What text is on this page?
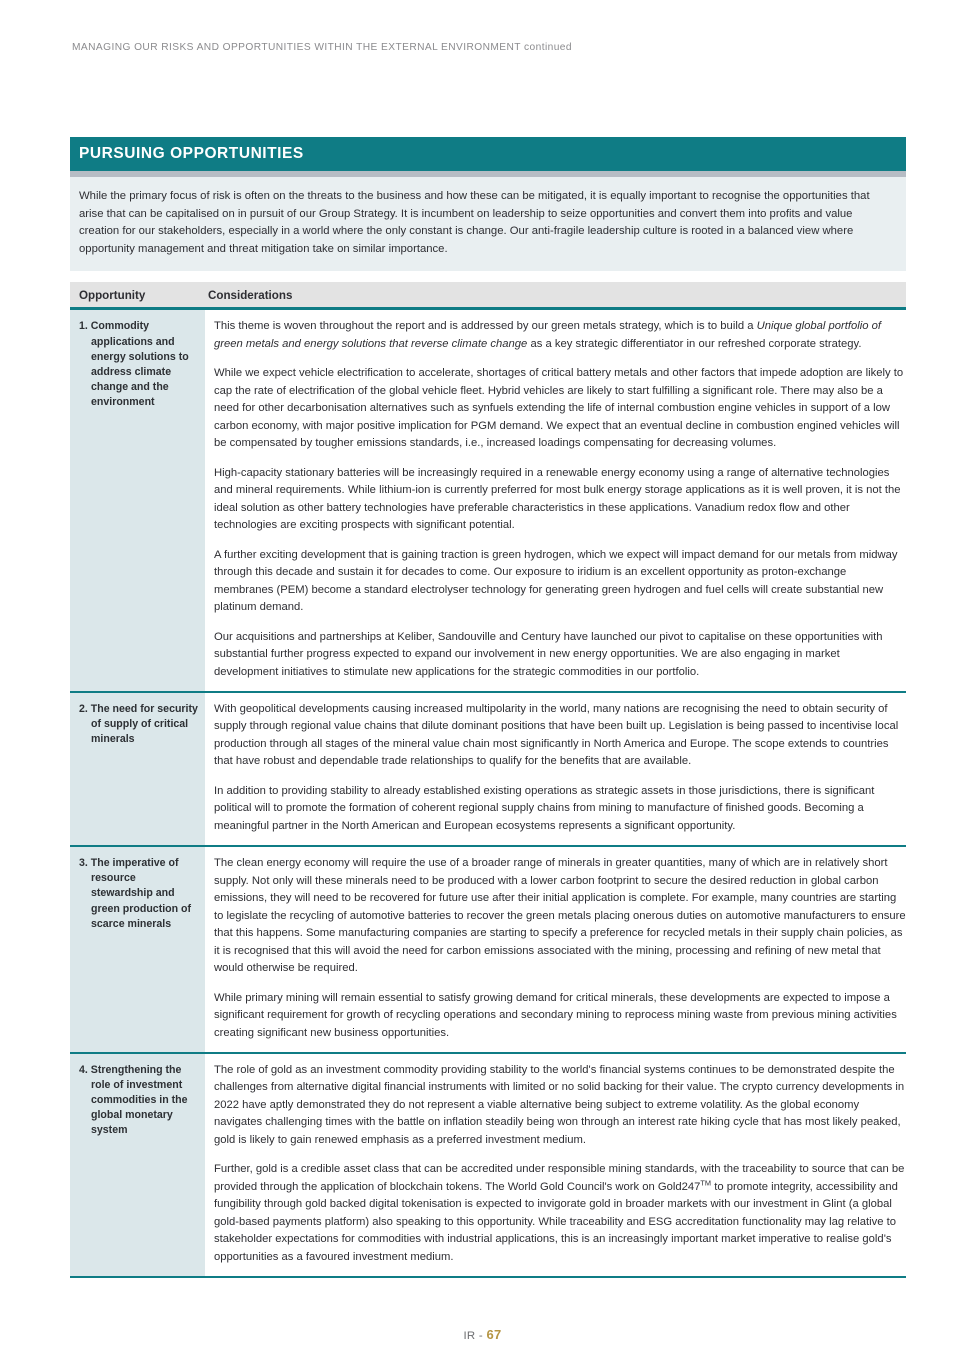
MANAGING OUR RISKS AND OPPORTUNITIES WITHIN THE EXTERNAL ENVIRONMENT continued
PURSUING OPPORTUNITIES

While the primary focus of risk is often on the threats to the business and how these can be mitigated, it is equally important to recognise the opportunities that arise that can be capitalised on in pursuit of our Group Strategy. It is incumbent on leadership to seize opportunities and convert them into profits and value creation for our stakeholders, especially in a world where the only constant is change. Our anti-fragile leadership culture is rooted in a balanced view where opportunity management and threat mitigation take on similar importance.

Opportunity	Considerations
1. Commodity applications and energy solutions to address climate change and the environment

This theme is woven throughout the report and is addressed by our green metals strategy, which is to build a Unique global portfolio of green metals and energy solutions that reverse climate change as a key strategic differentiator in our refreshed corporate strategy.

While we expect vehicle electrification to accelerate, shortages of critical battery metals and other factors that impede adoption are likely to cap the rate of electrification of the global vehicle fleet. Hybrid vehicles are likely to start fulfilling a significant role. There may also be a need for other decarbonisation alternatives such as synfuels extending the life of internal combustion engine vehicles in support of a low carbon economy, with major positive implication for PGM demand. We expect that an eventual decline in combustion engined vehicles will be compensated by tougher emissions standards, i.e., increased loadings compensating for decreasing volumes.

High-capacity stationary batteries will be increasingly required in a renewable energy economy using a range of alternative technologies and mineral requirements. While lithium-ion is currently preferred for most bulk energy storage applications as it is well proven, it is not the ideal solution as other battery technologies have preferable characteristics in these applications. Vanadium redox flow and other technologies are exciting prospects with significant potential.

A further exciting development that is gaining traction is green hydrogen, which we expect will impact demand for our metals from midway through this decade and sustain it for decades to come. Our exposure to iridium is an excellent opportunity as proton-exchange membranes (PEM) become a standard electrolyser technology for generating green hydrogen and fuel cells will create substantial new platinum demand.

Our acquisitions and partnerships at Keliber, Sandouville and Century have launched our pivot to capitalise on these opportunities with substantial further progress expected to expand our involvement in new energy opportunities. We are also engaging in market development initiatives to stimulate new applications for the strategic commodities in our portfolio.

2. The need for security of supply of critical minerals

With geopolitical developments causing increased multipolarity in the world, many nations are recognising the need to obtain security of supply through regional value chains that dilute dominant positions that have been built up. Legislation is being passed to incentivise local production through all stages of the mineral value chain most significantly in North America and Europe. The scope extends to countries that have robust and dependable trade relationships to qualify for the benefits that are available.

In addition to providing stability to already established existing operations as strategic assets in those jurisdictions, there is significant political will to promote the formation of coherent regional supply chains from mining to manufacture of finished goods. Becoming a meaningful partner in the North American and European ecosystems represents a significant opportunity.

3. The imperative of resource stewardship and green production of scarce minerals

The clean energy economy will require the use of a broader range of minerals in greater quantities, many of which are in relatively short supply. Not only will these minerals need to be produced with a lower carbon footprint to secure the desired reduction in global carbon emissions, they will need to be recovered for future use after their initial application is complete. For example, many countries are starting to legislate the recycling of automotive batteries to recover the green metals placing onerous duties on automotive manufacturers to ensure that this happens. Some manufacturing companies are starting to specify a preference for recycled metals in their supply chain policies, as it is recognised that this will avoid the need for carbon emissions associated with the mining, processing and refining of new metal that would otherwise be required.

While primary mining will remain essential to satisfy growing demand for critical minerals, these developments are expected to impose a significant requirement for growth of recycling operations and secondary mining to reprocess mining waste from previous mining activities creating significant new business opportunities.

4. Strengthening the role of investment commodities in the global monetary system

The role of gold as an investment commodity providing stability to the world's financial systems continues to be demonstrated despite the challenges from alternative digital financial instruments with limited or no solid backing for their value. The crypto currency developments in 2022 have aptly demonstrated they do not represent a viable alternative being subject to extreme volatility. As the global economy navigates challenging times with the battle on inflation steadily being won through an interest rate hiking cycle that has most likely peaked, gold is likely to gain renewed emphasis as a preferred investment medium.

Further, gold is a credible asset class that can be accredited under responsible mining standards, with the traceability to source that can be provided through the application of blockchain tokens. The World Gold Council's work on Gold247™ to promote integrity, accessibility and fungibility through gold backed digital tokenisation is expected to invigorate gold in broader markets with our investment in Glint (a global gold-based payments platform) also speaking to this opportunity. While traceability and ESG accreditation functionality may lag relative to stakeholder expectations for commodities with industrial applications, this is an increasingly important market imperative to realise gold's opportunities as a favoured investment medium.

IR - 67
